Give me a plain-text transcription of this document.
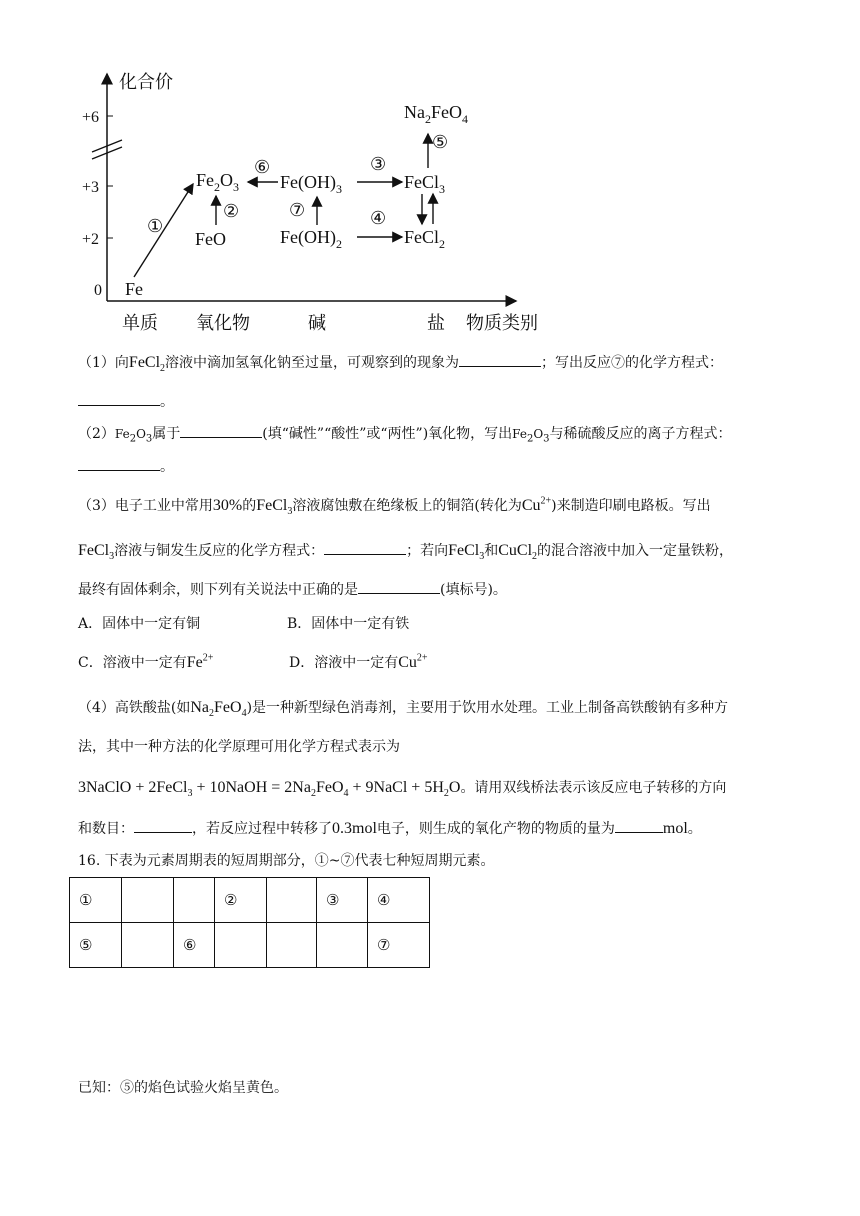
化合价
+6
+3
+2
0
单质 氧化物	碱	盐 物质类别
Fe
FeO
$Fe_2O_3$ $Fe(OH)_3$
$Fe(OH)_2$
FeCl$_3$
FeCl$_2$
$Na_2FeO_4$
①
②
⑥
⑦
③
④
⑤
（1）向FeCl$_2$溶液中滴加氢氧化钠至过量，可观察到的现象为	；写出反应⑦的化学方程式：
。
$(2)Fe_2O_3$属于	(填“碱性”“酸性”或“两性”)氧化物，写出$Fe_2O_3$与稀硫酸反应的离子方程式：
。
（3）电子工业中常用30%的FeCl$_3$溶液腐蚀敷在绝缘板上的铜箔(转化为$Cu^{2+}$)来制造印刷电路板。写出
FeCl$_3$溶液与铜发生反应的化学方程式：	；若向FeCl$_3$和CuCl$_2$的混合溶液中加入一定量铁粉，
最终有固体剩余，则下列有关说法中正确的是	(填标号)。
A．固体中一定有铜	B．固体中一定有铁
C．溶液中一定有$Fe^{2+}$	D．溶液中一定有$Cu^{2+}$
（4）高铁酸盐(如$Na_2FeO_4$)是一种新型绿色消毒剂，主要用于饮用水处理。工业上制备高铁酸钠有多种方
法，其中一种方法的化学原理可用化学方程式表示为
3NaClO + 2FeCl$_3$ + 10NaOH = $2Na_2FeO_4$ + 9NaCl + $5H_2O$。请用双线桥法表示该反应电子转移的方向
和数目：	，若反应过程中转移了0.3mol电子，则生成的氧化产物的物质的量为	mol。
16. 下表为元素周期表的短周期部分，①~⑦代表七种短周期元素。
①			②		③	④
⑤		⑥				⑦
已知：⑤的焰色试验火焰呈黄色。
